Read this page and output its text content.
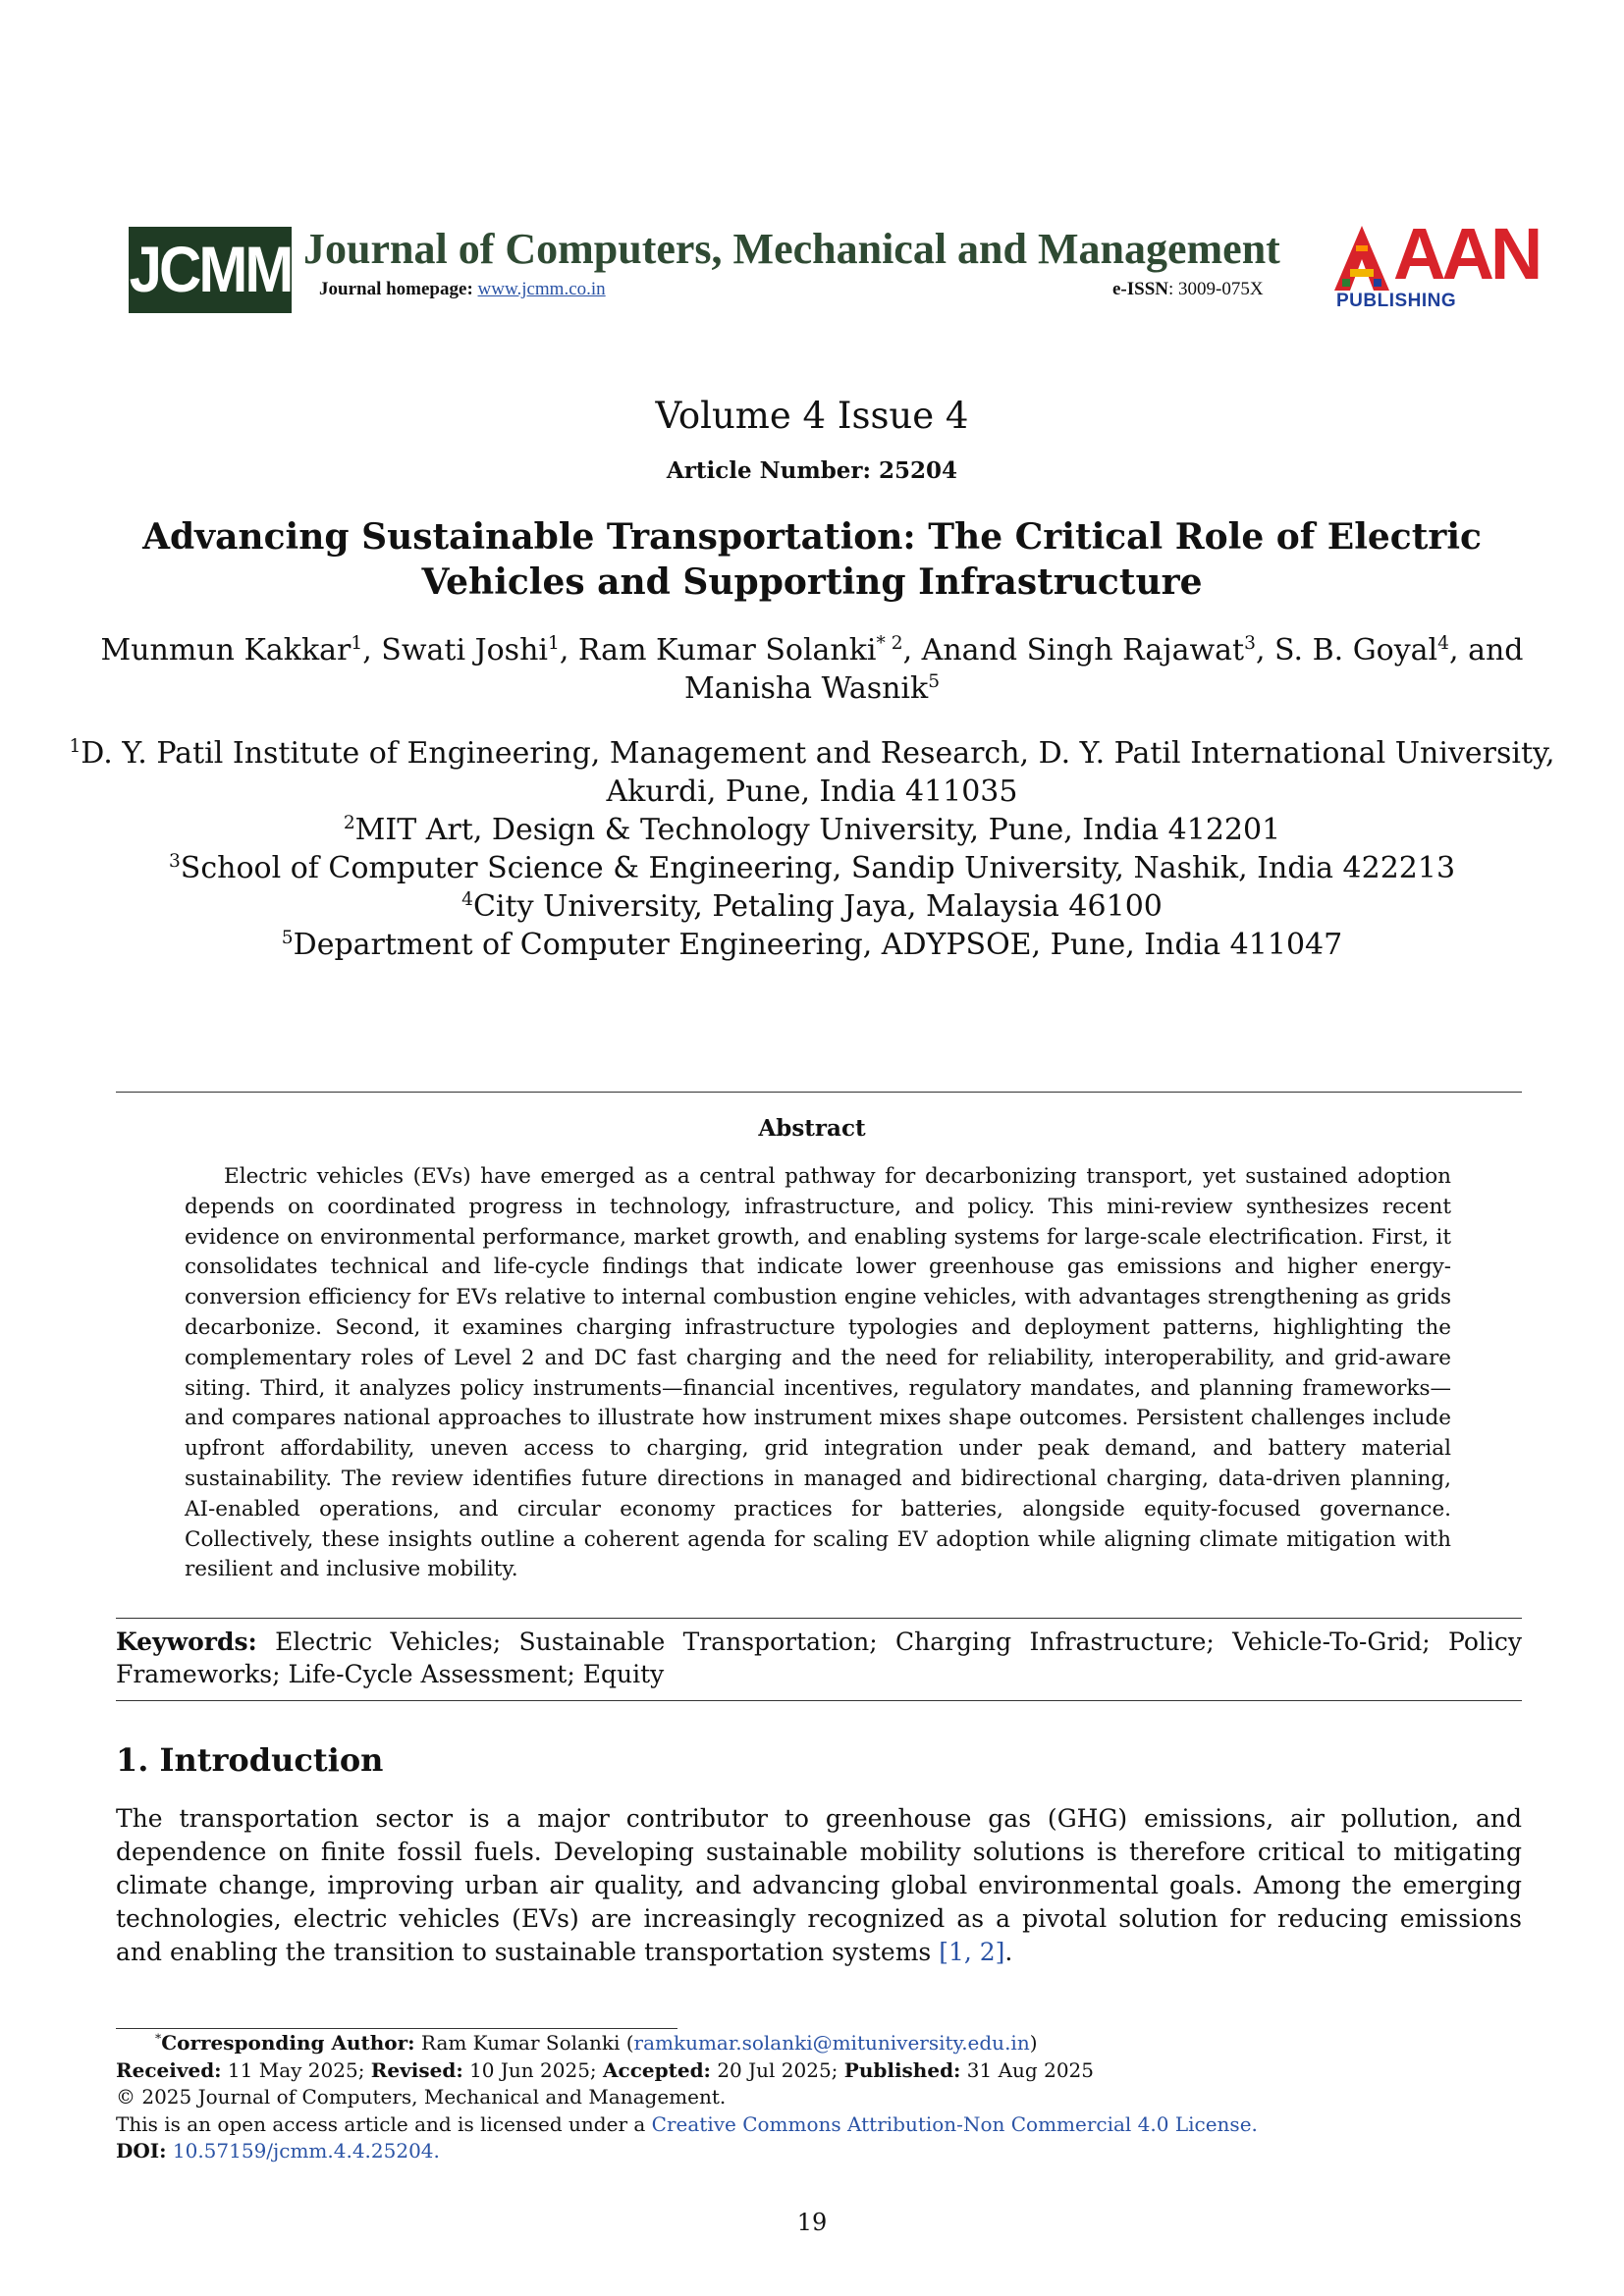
JCMM Journal of Computers, Mechanical and Management
Journal homepage: www.jcmm.co.in	e-ISSN: 3009-075X AAN
PUBLISHING
Volume 4 Issue 4
Article Number: 25204
Advancing Sustainable Transportation: The Critical Role of Electric
Vehicles and Supporting Infrastructure
Munmun Kakkar$^1$, Swati Joshi$^1$, Ram Kumar Solanki$^{* 2}$, Anand Singh Rajawat$^3$, S. B. Goyal$^4$, and
Manisha Wasnik$^5$
$^1$D. Y. Patil Institute of Engineering, Management and Research, D. Y. Patil International University,
Akurdi, Pune, India 411035
$^2$MIT Art, Design & Technology University, Pune, India 412201
$^3$School of Computer Science & Engineering, Sandip University, Nashik, India 422213
$^4$City University, Petaling Jaya, Malaysia 46100
$^5$Department of Computer Engineering, ADYPSOE, Pune, India 411047
Abstract
Electric vehicles (EVs) have emerged as a central pathway for decarbonizing transport, yet sustained adoption depends on coordinated progress in technology, infrastructure, and policy. This mini-review synthesizes recent evidence on environmental performance, market growth, and enabling systems for large-scale electrification. First, it consolidates technical and life-cycle findings that indicate lower greenhouse gas emissions and higher energy-conversion efficiency for EVs relative to internal combustion engine vehicles, with advantages strengthening as grids decarbonize. Second, it examines charging infrastructure typologies and deployment patterns, highlighting the complementary roles of Level 2 and DC fast charging and the need for reliability, interoperability, and grid-aware siting. Third, it analyzes policy instruments—financial incentives, regulatory mandates, and planning frameworks—and compares national approaches to illustrate how instrument mixes shape outcomes. Persistent challenges include upfront affordability, uneven access to charging, grid integration under peak demand, and battery material sustainability. The review identifies future directions in managed and bidirectional charging, data-driven planning, AI-enabled operations, and circular economy practices for batteries, alongside equity-focused governance. Collectively, these insights outline a coherent agenda for scaling EV adoption while aligning climate mitigation with resilient and inclusive mobility.
Keywords: Electric Vehicles; Sustainable Transportation; Charging Infrastructure; Vehicle-To-Grid; Policy Frameworks; Life-Cycle Assessment; Equity
1. Introduction
The transportation sector is a major contributor to greenhouse gas (GHG) emissions, air pollution, and dependence on finite fossil fuels. Developing sustainable mobility solutions is therefore critical to mitigating climate change, improving urban air quality, and advancing global environmental goals. Among the emerging technologies, electric vehicles (EVs) are increasingly recognized as a pivotal solution for reducing emissions and enabling the transition to sustainable transportation systems [1, 2].
*Corresponding Author: Ram Kumar Solanki (ramkumar.solanki@mituniversity.edu.in)
Received: 11 May 2025; Revised: 10 Jun 2025; Accepted: 20 Jul 2025; Published: 31 Aug 2025
© 2025 Journal of Computers, Mechanical and Management.
This is an open access article and is licensed under a Creative Commons Attribution-Non Commercial 4.0 License.
DOI: 10.57159/jcmm.4.4.25204.
19
